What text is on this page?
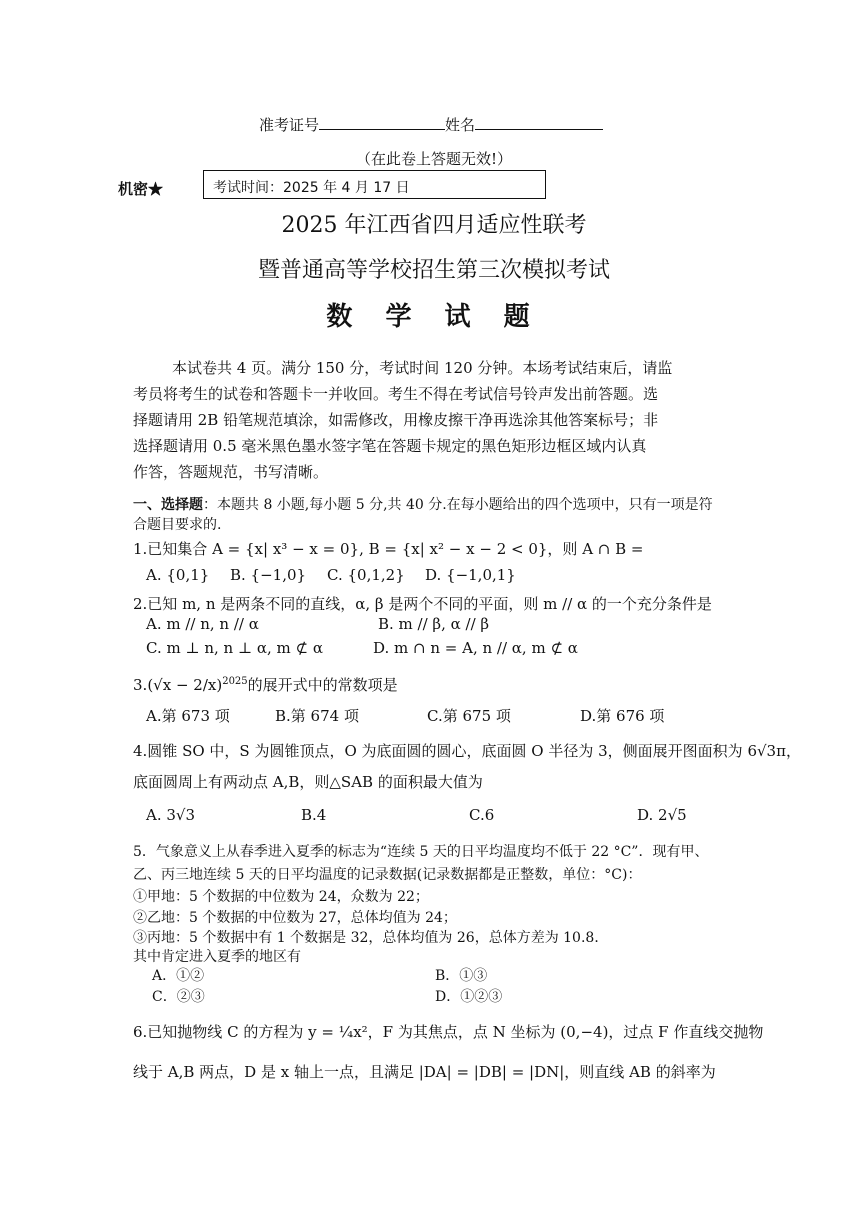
准考证号	姓名
（在此卷上答题无效!）
机密★	考试时间：2025 年 4 月 17 日
2025 年江西省四月适应性联考
暨普通高等学校招生第三次模拟考试
数 学 试 题
本试卷共 4 页。满分 150 分，考试时间 120 分钟。本场考试结束后，请监
考员将考生的试卷和答题卡一并收回。考生不得在考试信号铃声发出前答题。选
择题请用 2B 铅笔规范填涂，如需修改，用橡皮擦干净再选涂其他答案标号；非
选择题请用 0.5 毫米黑色墨水签字笔在答题卡规定的黑色矩形边框区域内认真
作答，答题规范，书写清晰。
一、选择题：本题共 8 小题,每小题 5 分,共 40 分.在每小题给出的四个选项中，只有一项是符
合题目要求的.
1.已知集合 A = {x| x³ − x = 0}, B = {x| x² − x − 2 < 0}，则 A ∩ B =
A. {0,1} B. {−1,0} C. {0,1,2} D. {−1,0,1}
2.已知 m, n 是两条不同的直线，α, β 是两个不同的平面，则 m // α 的一个充分条件是
A. m // n, n // α	B. m // β, α // β
C. m ⊥ n, n ⊥ α, m ⊄ α	D. m ∩ n = A, n // α, m ⊄ α
$3.(√x - 2/x)^{2025}$的展开式中的常数项是
A.第 673 项	B.第 674 项	C.第 675 项	D.第 676 项
4.圆锥 SO 中，S 为圆锥顶点，O 为底面圆的圆心，底面圆 O 半径为 3，侧面展开图面积为 6√3π，
底面圆周上有两动点 A,B，则△SAB 的面积最大值为
A. 3√3	B.4	C.6	D. 2√5
5．气象意义上从春季进入夏季的标志为“连续 5 天的日平均温度均不低于 22 °C”．现有甲、
乙、丙三地连续 5 天的日平均温度的记录数据(记录数据都是正整数，单位：°C)：
①甲地：5 个数据的中位数为 24，众数为 22；
②乙地：5 个数据的中位数为 27，总体均值为 24；
③丙地：5 个数据中有 1 个数据是 32，总体均值为 26，总体方差为 10.8．
其中肯定进入夏季的地区有
A．①②	B．①③
C．②③	D．①②③
6.已知抛物线 C 的方程为 y = ¼x²，F 为其焦点，点 N 坐标为 (0,−4)，过点 F 作直线交抛物
线于 A,B 两点，D 是 x 轴上一点，且满足 |DA| = |DB| = |DN|，则直线 AB 的斜率为
